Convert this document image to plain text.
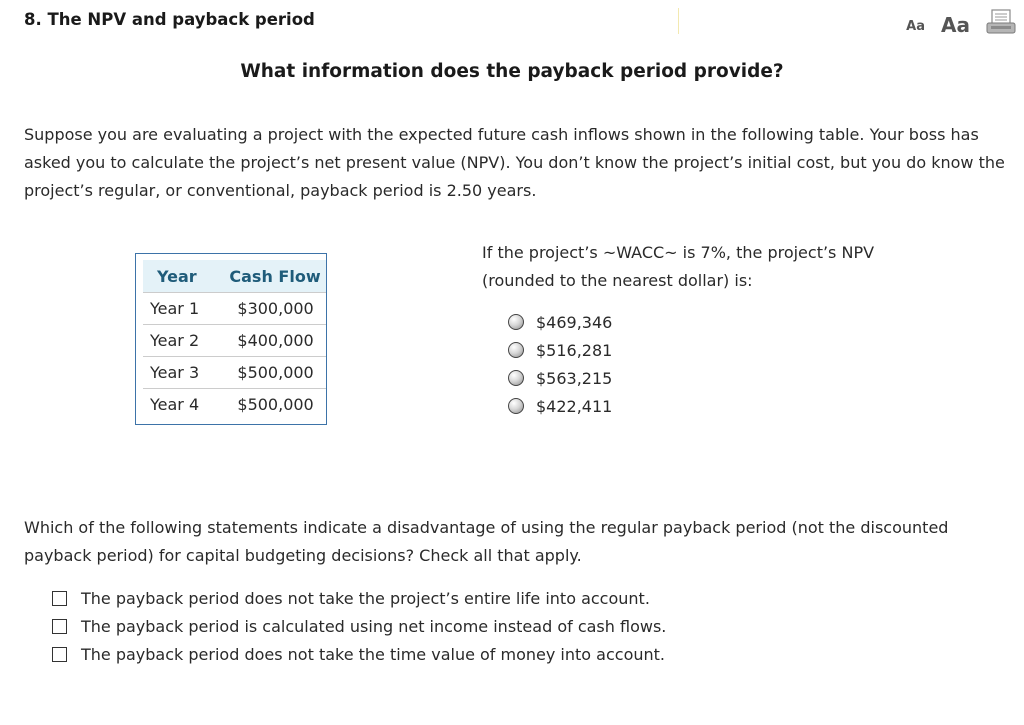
8. The NPV and payback period	Aa Aa
What information does the payback period provide?
Suppose you are evaluating a project with the expected future cash inflows shown in the following table. Your boss has asked you to calculate the project’s net present value (NPV). You don’t know the project’s initial cost, but you do know the project’s regular, or conventional, payback period is 2.50 years.
Year	Cash Flow
Year 1	$300,000
Year 2	$400,000
Year 3	$500,000
Year 4	$500,000
If the project’s ~WACC~ is 7%, the project’s NPV
(rounded to the nearest dollar) is:
$469,346
$516,281
$563,215
$422,411
Which of the following statements indicate a disadvantage of using the regular payback period (not the discounted payback period) for capital budgeting decisions? Check all that apply.
The payback period does not take the project’s entire life into account.
The payback period is calculated using net income instead of cash flows.
The payback period does not take the time value of money into account.
